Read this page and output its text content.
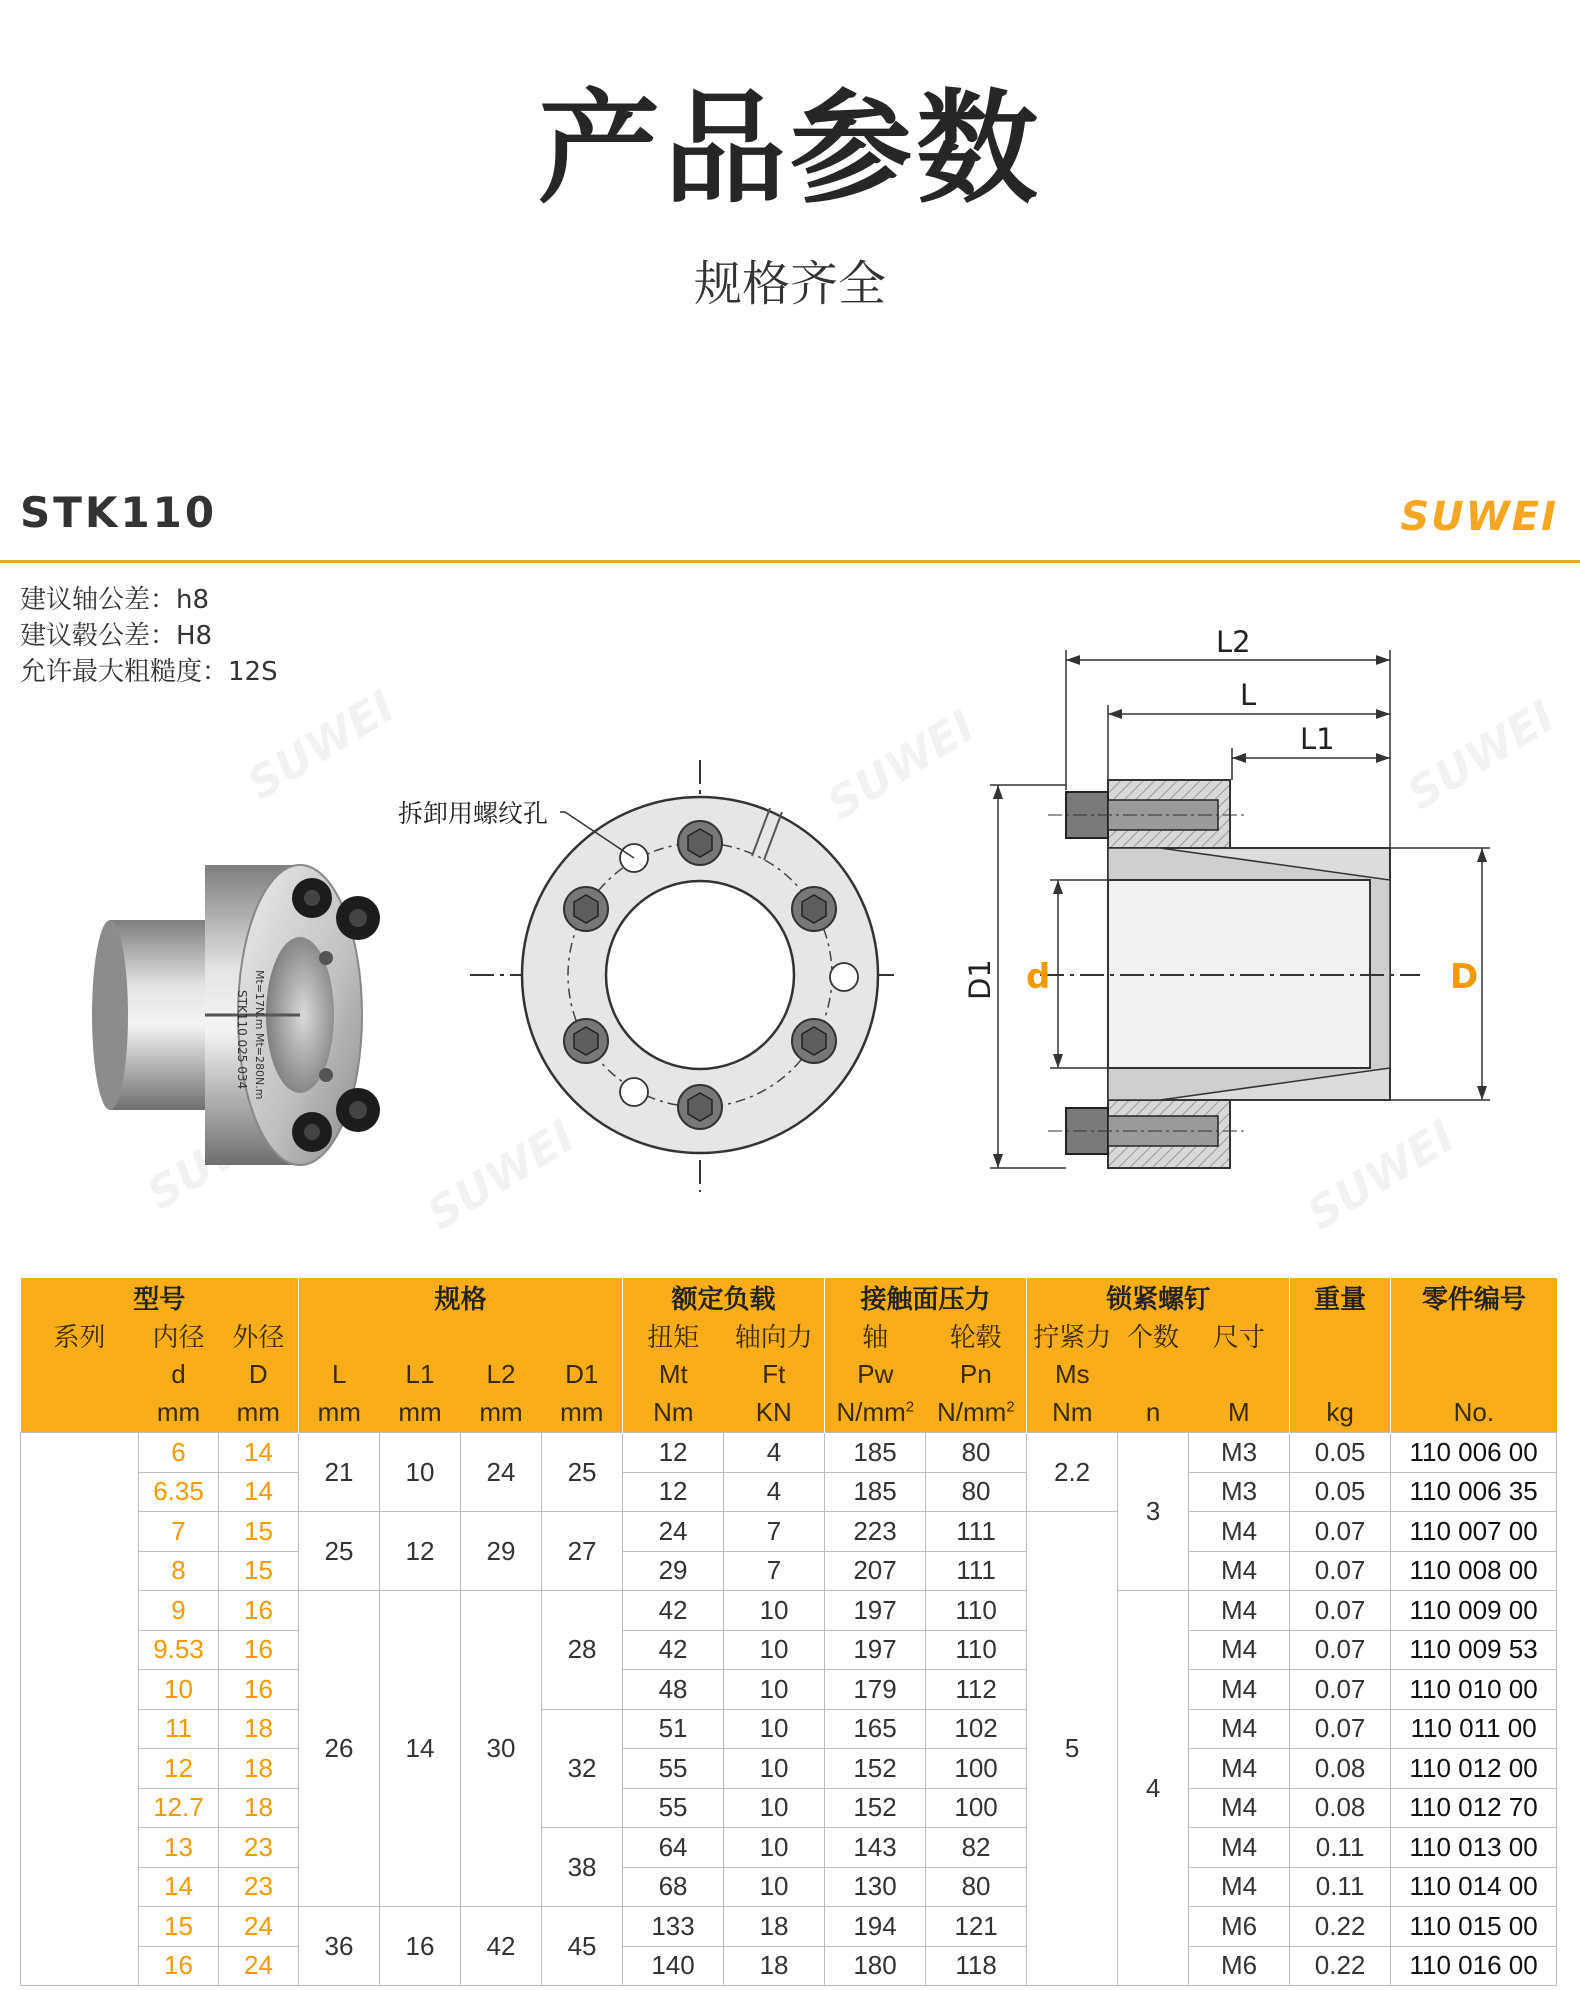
产品参数
规格齐全
STK110	SUWEI
建议轴公差：h8
建议毂公差：H8
允许最大粗糙度：12S
SUWEI	SUWEI	SUWEI
SUWEI	SUWEI
STK110 025 034 Mt=17N.m Mt=280N.m
拆卸用螺纹孔
L2
L
L1
D1 d	D
型号			规格				额定负载		接触面压力		锁紧螺钉			重量	零件编号
系列	内径	外径					扭矩	轴向力	轴	轮毂	拧紧力	个数	尺寸		
	d	D	L	L1	L2	D1	Mt	Ft	Pw	Pn	Ms				
	mm	mm	mm	mm	mm	mm	Nm	KN	$N/mm^2$	$N/mm^2$	Nm	n	M	kg	No.
	6	14	21	10	24	25	12	4	185	80	2.2	3	M3	0.05	110 006 00
	6.35	14					12	4	185	80			M3	0.05	110 006 35
	7	15	25	12	29	27	24	7	223	111	5		M4	0.07	110 007 00
	8	15					29	7	207	111			M4	0.07	110 008 00
	9	16	26	14	30	28	42	10	197	110		4	M4	0.07	110 009 00
	9.53	16					42	10	197	110			M4	0.07	110 009 53
	10	16					48	10	179	112			M4	0.07	110 010 00
	11	18				32	51	10	165	102			M4	0.07	110 011 00
	12	18					55	10	152	100			M4	0.08	110 012 00
	12.7	18					55	10	152	100			M4	0.08	110 012 70
	13	23				38	64	10	143	82			M4	0.11	110 013 00
	14	23					68	10	130	80			M4	0.11	110 014 00
	15	24	36	16	42	45	133	18	194	121			M6	0.22	110 015 00
	16	24					140	18	180	118			M6	0.22	110 016 00
